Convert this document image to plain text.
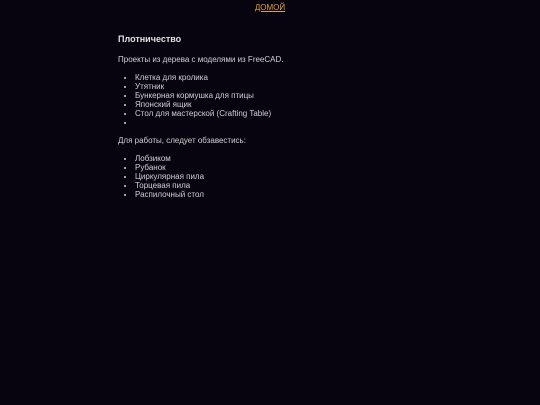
ДОМОЙ
Плотничество

Проекты из дерева с моделями из FreeCAD.

• Клетка для кролика
• Утятник
• Бункерная кормушка для птицы
• Японский ящик
• Стол для мастерской (Crafting Table)
•

Для работы, следует обзавестись:

• Лобзиком
• Рубанок
• Циркулярная пила
• Торцевая пила
• Распилочный стол
